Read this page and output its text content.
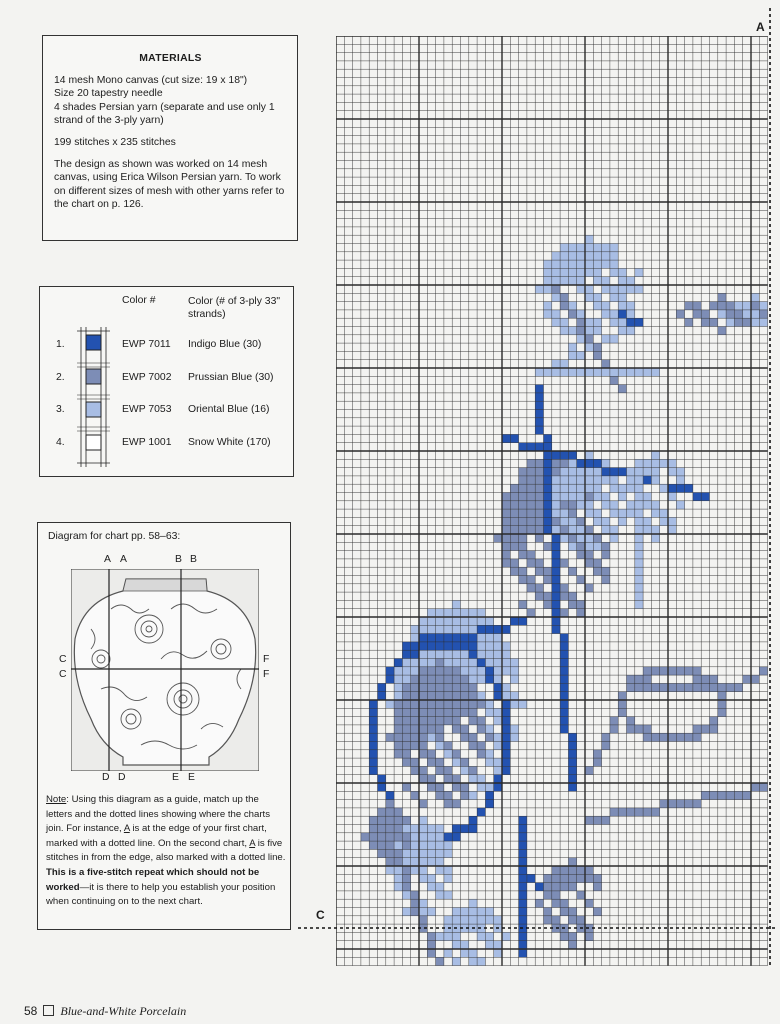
MATERIALS

14 mesh Mono canvas (cut size: 19 x 18")

Size 20 tapestry needle

4 shades Persian yarn (separate and use only 1 strand of the 3-ply yarn)

199 stitches x 235 stitches

The design as shown was worked on 14 mesh canvas, using Erica Wilson Persian yarn. To work on different sizes of mesh with other yarns refer to the chart on p. 126.

Color #	Color (# of 3-ply 33" strands)
1.	EWP 7011 Indigo Blue (30)
2.	EWP 7002 Prussian Blue (30)
3.	EWP 7053 Oriental Blue (16)
4.	EWP 1001 Snow White (170)
Diagram for chart pp. 58–63:
A A	B B
D D	E E
C
C
F
F
Note: Using this diagram as a guide, match up the letters and the dotted lines showing where the charts join. For instance, A is at the edge of your first chart, marked with a dotted line. On the second chart, A is five stitches in from the edge, also marked with a dotted line. This is a five-stitch repeat which should not be worked—it is there to help you establish your position when continuing on to the next chart.
A
C
58 Blue-and-White Porcelain
